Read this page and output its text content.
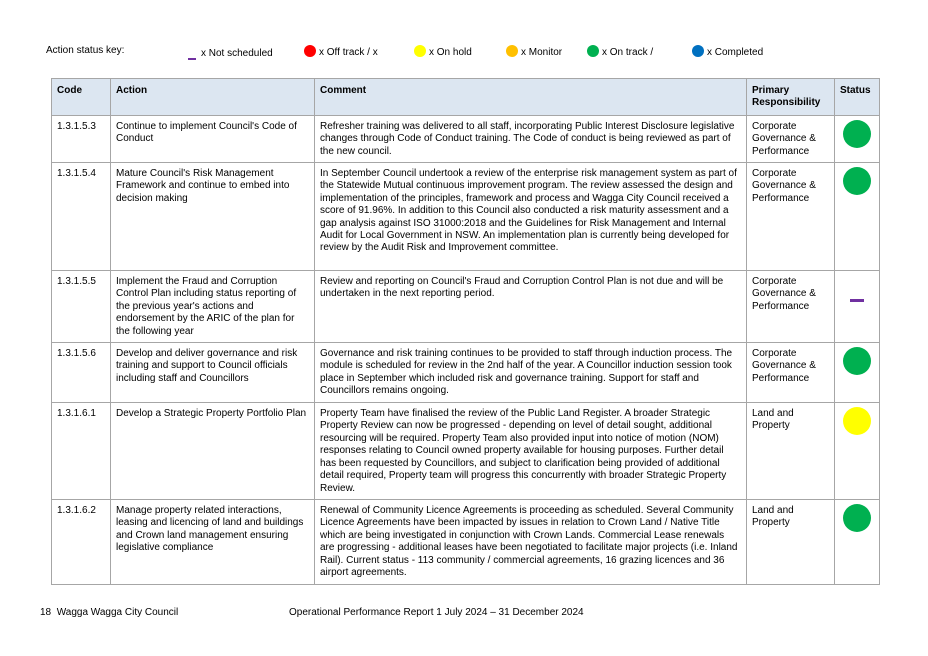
Action status key:	x Not scheduled	x Off track / x	x On hold	x Monitor	x On track /	x Completed
Code	Action	Comment	Primary Responsibility	Status
1.3.1.5.3	Continue to implement Council's Code of Conduct	Refresher training was delivered to all staff, incorporating Public Interest Disclosure legislative changes through Code of Conduct training. The Code of conduct is being reviewed as part of the new council.	Corporate Governance & Performance	
1.3.1.5.4	Mature Council's Risk Management Framework and continue to embed into decision making	In September Council undertook a review of the enterprise risk management system as part of the Statewide Mutual continuous improvement program. The review assessed the design and implementation of the principles, framework and process and Wagga City Council received a score of 91.96%. In addition to this Council also conducted a risk maturity assessment and a gap analysis against ISO 31000:2018 and the Guidelines for Risk Management and Internal Audit for Local Government in NSW. An implementation plan is currently being developed for review by the Audit Risk and Improvement committee.	Corporate Governance & Performance	
1.3.1.5.5	Implement the Fraud and Corruption Control Plan including status reporting of the previous year's actions and endorsement by the ARIC of the plan for the following year	Review and reporting on Council's Fraud and Corruption Control Plan is not due and will be undertaken in the next reporting period.	Corporate Governance & Performance	
1.3.1.5.6	Develop and deliver governance and risk training and support to Council officials including staff and Councillors	Governance and risk training continues to be provided to staff through induction process. The module is scheduled for review in the 2nd half of the year. A Councillor induction session took place in September which included risk and governance training. Support for staff and Councillors remains ongoing.	Corporate Governance & Performance	
1.3.1.6.1	Develop a Strategic Property Portfolio Plan	Property Team have finalised the review of the Public Land Register. A broader Strategic Property Review can now be progressed - depending on level of detail sought, additional resourcing will be required. Property Team also provided input into notice of motion (NOM) responses relating to Council owned property available for housing purposes. Further detail has been requested by Councillors, and subject to clarification being provided of additional detail required, Property team will progress this concurrently with broader Strategic Property Review.	Land and Property	
1.3.1.6.2	Manage property related interactions, leasing and licencing of land and buildings and Crown land management ensuring legislative compliance	Renewal of Community Licence Agreements is proceeding as scheduled. Several Community Licence Agreements have been impacted by issues in relation to Crown Land / Native Title which are being investigated in conjunction with Crown Lands. Commercial Lease renewals are progressing - additional leases have been negotiated to facilitate major projects (i.e. Inland Rail). Current status - 113 community / commercial agreements, 16 grazing licences and 36 airport agreements.	Land and Property	
18 Wagga Wagga City Council	Operational Performance Report 1 July 2024 – 31 December 2024
